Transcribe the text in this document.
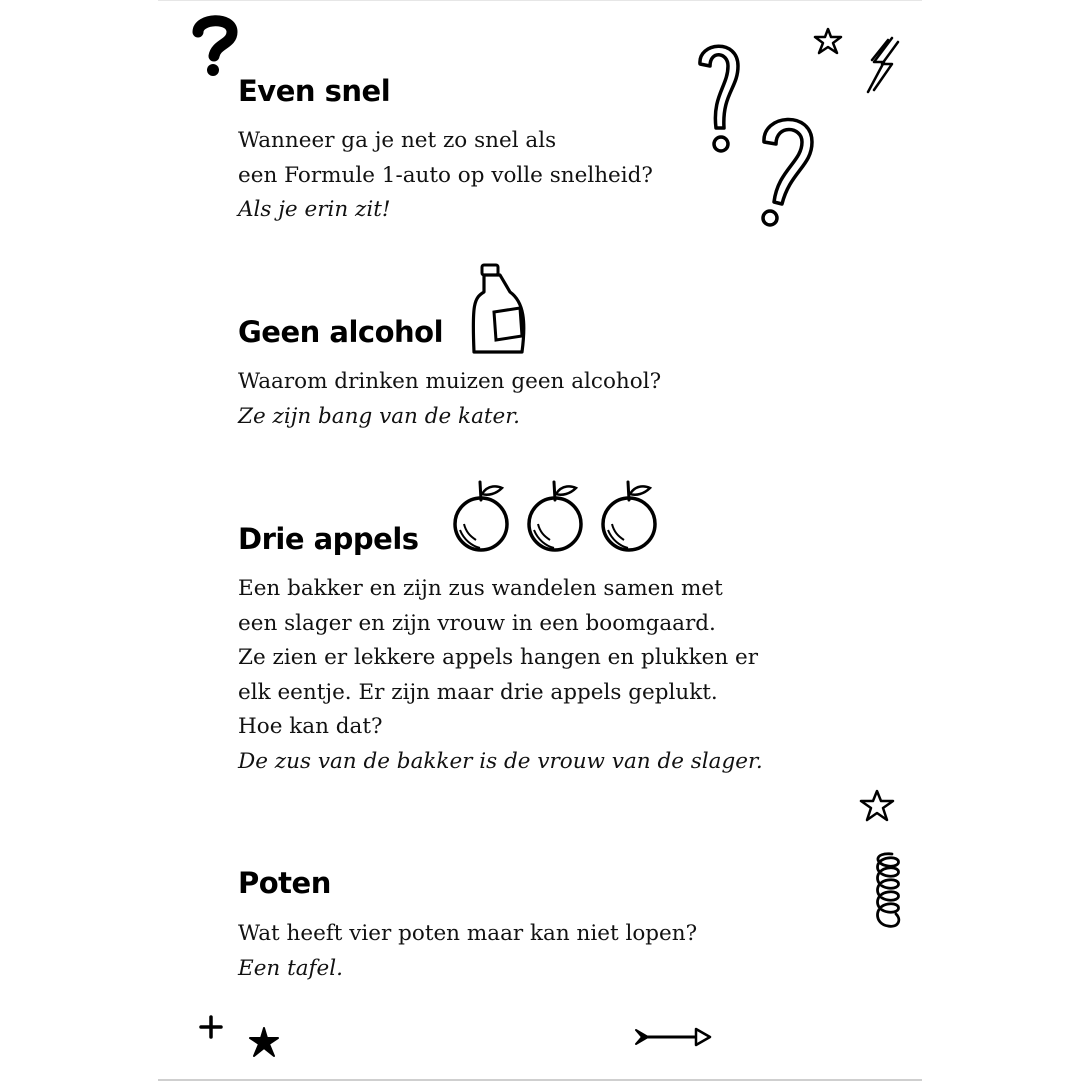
Even snel

Wanneer ga je net zo snel als
een Formule 1-auto op volle snelheid?
Als je erin zit!

Geen alcohol

Waarom drinken muizen geen alcohol?
Ze zijn bang van de kater.

Drie appels

Een bakker en zijn zus wandelen samen met
een slager en zijn vrouw in een boomgaard.
Ze zien er lekkere appels hangen en plukken er
elk eentje. Er zijn maar drie appels geplukt.
Hoe kan dat?
De zus van de bakker is de vrouw van de slager.

Poten

Wat heeft vier poten maar kan niet lopen?
Een tafel.
